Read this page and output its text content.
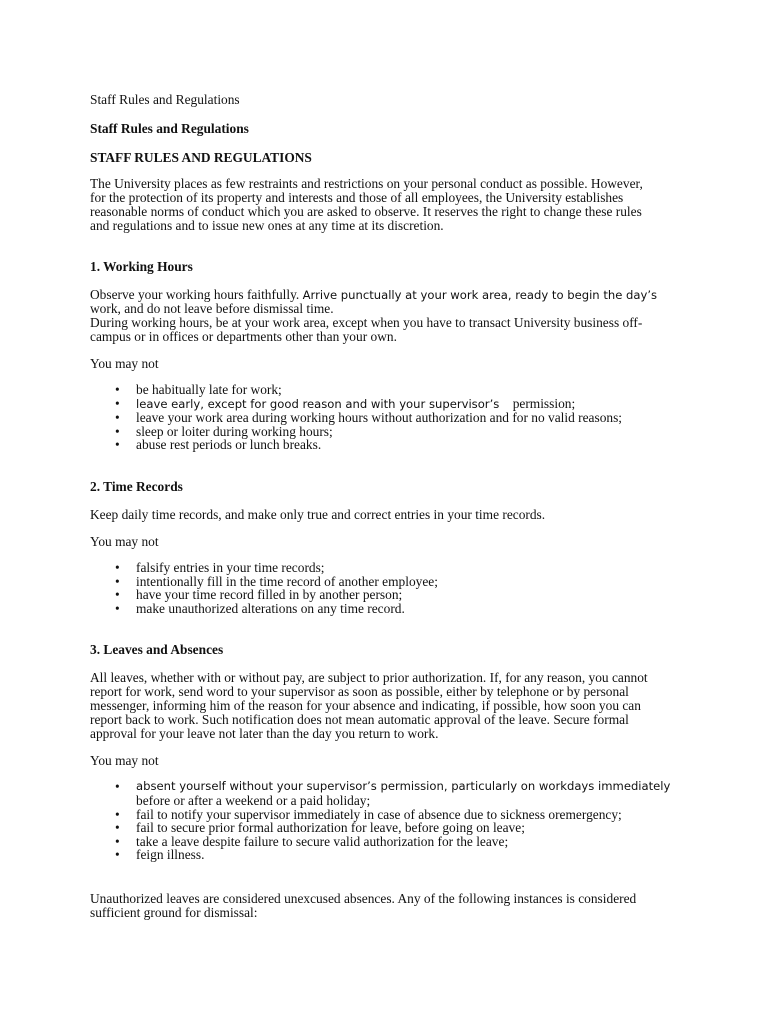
Staff Rules and Regulations
Staff Rules and Regulations
STAFF RULES AND REGULATIONS

The University places as few restraints and restrictions on your personal conduct as possible. However,
for the protection of its property and interests and those of all employees, the University establishes
reasonable norms of conduct which you are asked to observe. It reserves the right to change these rules
and regulations and to issue new ones at any time at its discretion.

1. Working Hours

Observe your working hours faithfully. Arrive punctually at your work area, ready to begin the day’s
work, and do not leave before dismissal time.
During working hours, be at your work area, except when you have to transact University business off-
campus or in offices or departments other than your own.

You may not

• be habitually late for work;
• leave early, except for good reason and with your supervisor’s permission;
• leave your work area during working hours without authorization and for no valid reasons;
• sleep or loiter during working hours;
• abuse rest periods or lunch breaks.
2. Time Records

Keep daily time records, and make only true and correct entries in your time records.

You may not

• falsify entries in your time records;
• intentionally fill in the time record of another employee;
• have your time record filled in by another person;
• make unauthorized alterations on any time record.
3. Leaves and Absences

All leaves, whether with or without pay, are subject to prior authorization. If, for any reason, you cannot
report for work, send word to your supervisor as soon as possible, either by telephone or by personal
messenger, informing him of the reason for your absence and indicating, if possible, how soon you can
report back to work. Such notification does not mean automatic approval of the leave. Secure formal
approval for your leave not later than the day you return to work.

You may not

• absent yourself without your supervisor’s permission, particularly on workdays immediately
before or after a weekend or a paid holiday;
• fail to notify your supervisor immediately in case of absence due to sickness oremergency;
• fail to secure prior formal authorization for leave, before going on leave;
• take a leave despite failure to secure valid authorization for the leave;
• feign illness.

Unauthorized leaves are considered unexcused absences. Any of the following instances is considered
sufficient ground for dismissal:
